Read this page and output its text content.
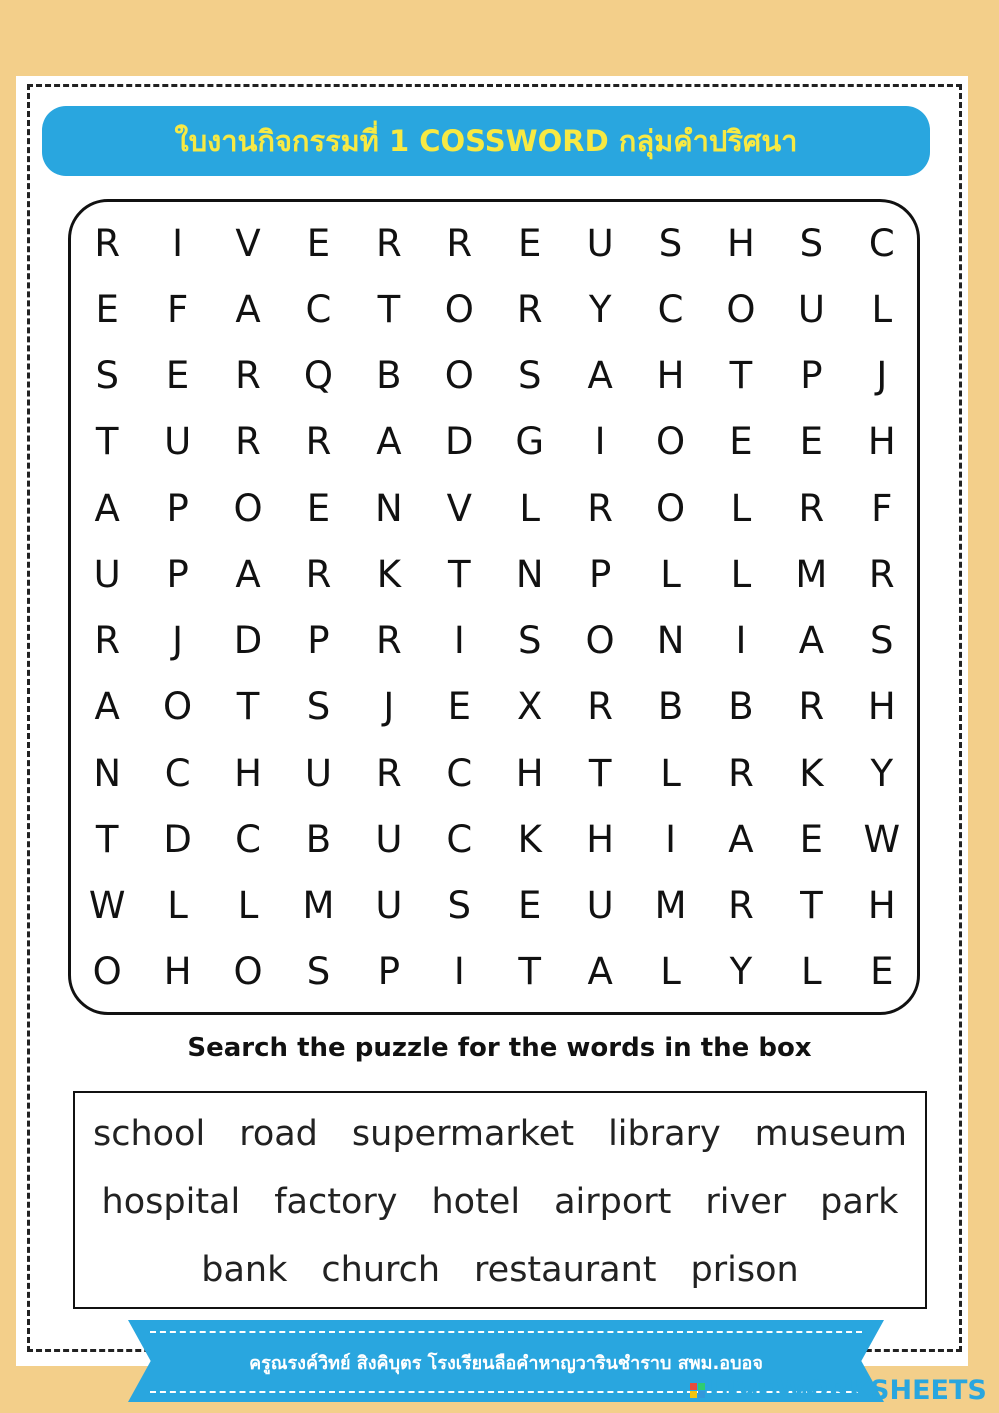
ใบงานกิจกรรมที่ 1 COSSWORD กลุ่มคำปริศนา
R	I	V	E	R	R	E	U	S	H	S	C
E	F	A	C	T	O	R	Y	C	O	U	L
S	E	R	Q	B	O	S	A	H	T	P	J
T	U	R	R	A	D	G	I	O	E	E	H
A	P	O	E	N	V	L	R	O	L	R	F
U	P	A	R	K	T	N	P	L	L	M	R
R	J	D	P	R	I	S	O	N	I	A	S
A	O	T	S	J	E	X	R	B	B	R	H
N	C	H	U	R	C	H	T	L	R	K	Y
T	D	C	B	U	C	K	H	I	A	E	W
W	L	L	M	U	S	E	U	M	R	T	H
O	H	O	S	P	I	T	A	L	Y	L	E
Search the puzzle for the words in the box
school road supermarket library museum
hospital factory hotel airport river park
bank church restaurant prison
ครูณรงค์วิทย์ สิงคิบุตร โรงเรียนลือคำหาญวารินชำราบ สพม.อบอจ
LIVEWORKSHEETS
